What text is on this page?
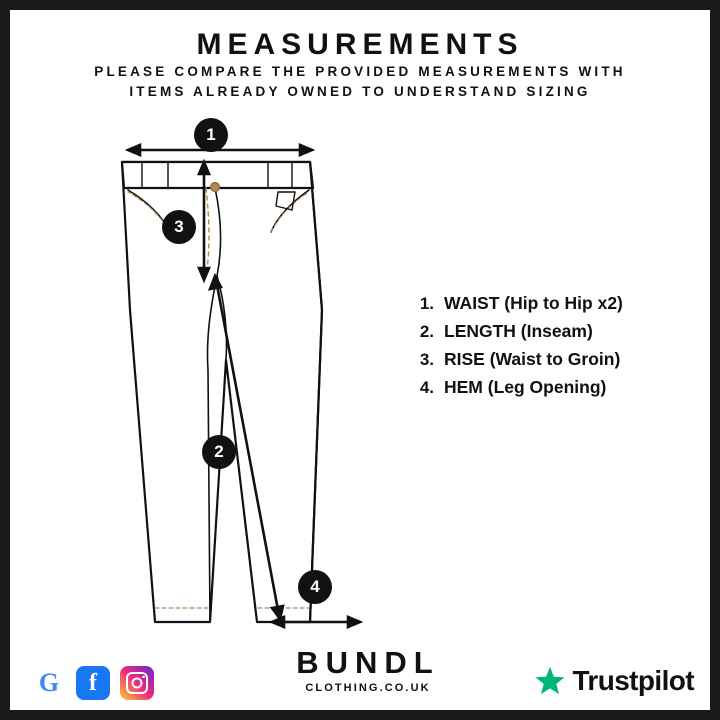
MEASUREMENTS
PLEASE COMPARE THE PROVIDED MEASUREMENTS WITH
ITEMS ALREADY OWNED TO UNDERSTAND SIZING
1
3
2
4
1. WAIST (Hip to Hip x2)
2. LENGTH (Inseam)
3. RISE (Waist to Groin)
4. HEM (Leg Opening)
G	f
BUNDL
CLOTHING.CO.UK	Trustpilot
